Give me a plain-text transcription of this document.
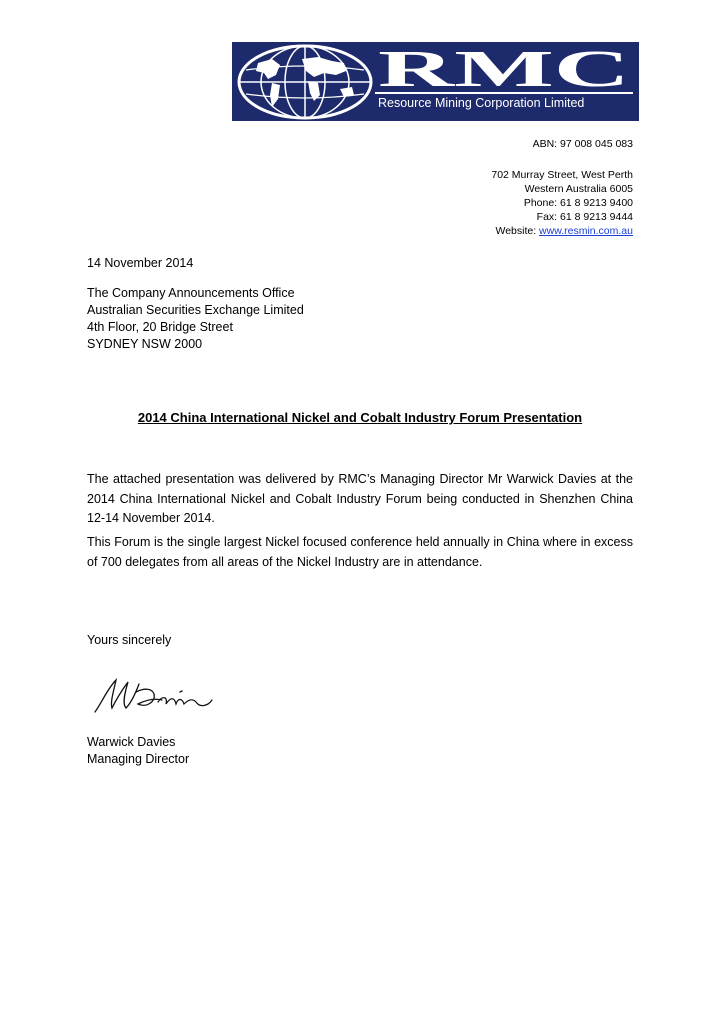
RMC
Resource Mining Corporation Limited
ABN: 97 008 045 083
702 Murray Street, West Perth
Western Australia 6005
Phone: 61 8 9213 9400
Fax: 61 8 9213 9444
Website: www.resmin.com.au
14 November 2014
The Company Announcements Office
Australian Securities Exchange Limited
4th Floor, 20 Bridge Street
SYDNEY NSW 2000
2014 China International Nickel and Cobalt Industry Forum Presentation
The attached presentation was delivered by RMC’s Managing Director Mr Warwick Davies at the 2014 China International Nickel and Cobalt Industry Forum being conducted in Shenzhen China 12-14 November 2014.
This Forum is the single largest Nickel focused conference held annually in China where in excess of 700 delegates from all areas of the Nickel Industry are in attendance.
Yours sincerely
Warwick Davies
Managing Director
